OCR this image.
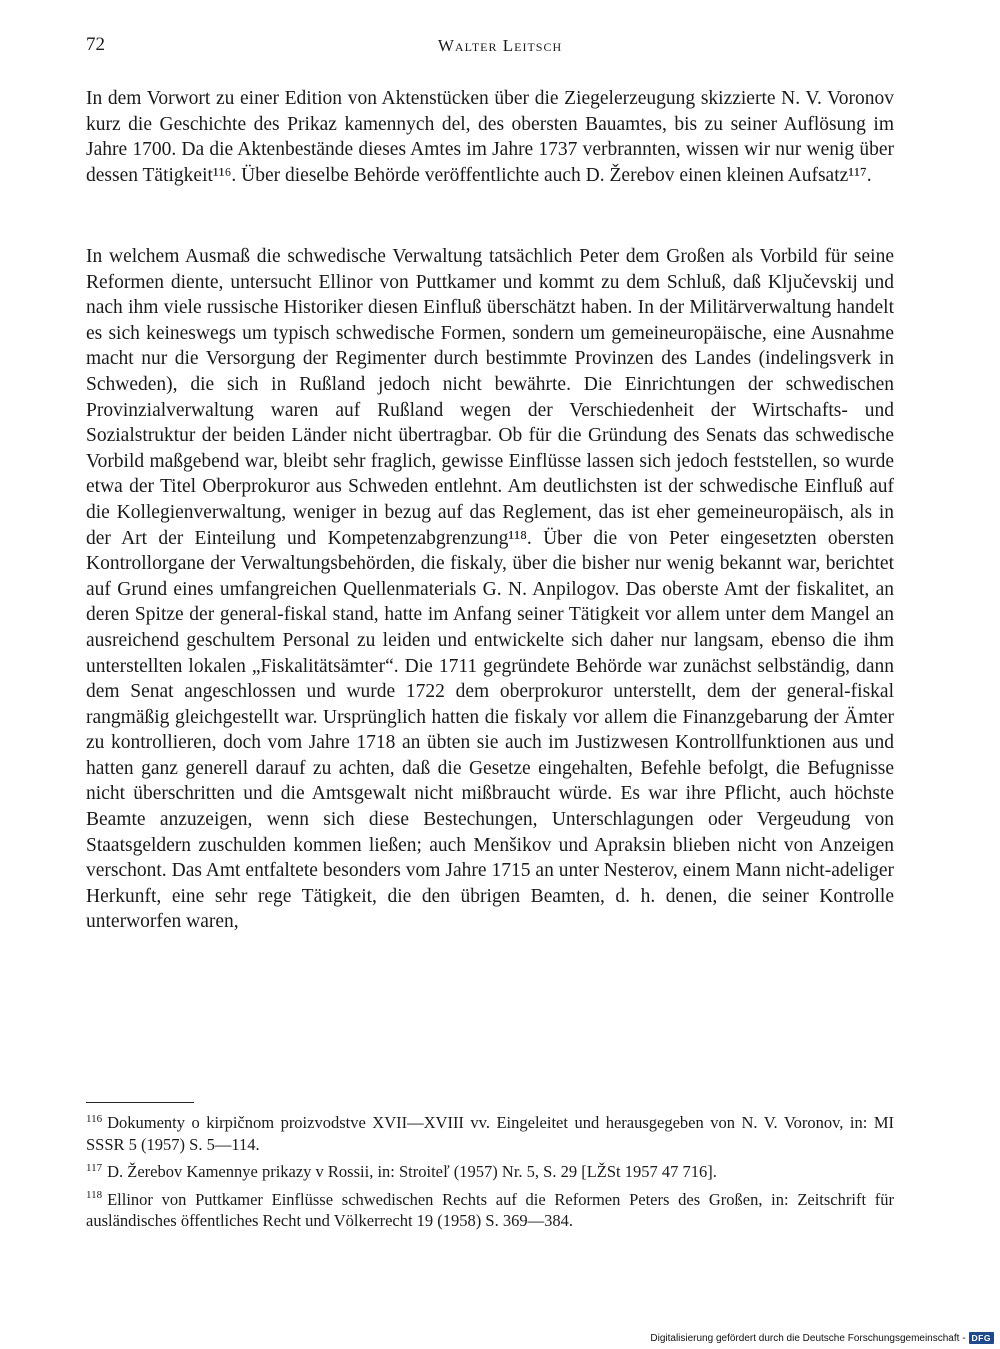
72	Walter Leitsch

In dem Vorwort zu einer Edition von Aktenstücken über die Ziegelerzeugung skizzierte N. V. Voronov kurz die Geschichte des Prikaz kamennych del, des obersten Bauamtes, bis zu seiner Auflösung im Jahre 1700. Da die Aktenbestände dieses Amtes im Jahre 1737 verbrannten, wissen wir nur wenig über dessen Tätigkeit¹¹⁶. Über dieselbe Behörde veröffentlichte auch D. Žerebov einen kleinen Aufsatz¹¹⁷.

In welchem Ausmaß die schwedische Verwaltung tatsächlich Peter dem Großen als Vorbild für seine Reformen diente, untersucht Ellinor von Puttkamer und kommt zu dem Schluß, daß Ključevskij und nach ihm viele russische Historiker diesen Einfluß überschätzt haben. In der Militärverwaltung handelt es sich keineswegs um typisch schwedische Formen, sondern um gemeineuropäische, eine Ausnahme macht nur die Versorgung der Regimenter durch bestimmte Provinzen des Landes (indelingsverk in Schweden), die sich in Rußland jedoch nicht bewährte. Die Einrichtungen der schwedischen Provinzialverwaltung waren auf Rußland wegen der Verschiedenheit der Wirtschafts- und Sozialstruktur der beiden Länder nicht übertragbar. Ob für die Gründung des Senats das schwedische Vorbild maßgebend war, bleibt sehr fraglich, gewisse Einflüsse lassen sich jedoch feststellen, so wurde etwa der Titel Oberprokuror aus Schweden entlehnt. Am deutlichsten ist der schwedische Einfluß auf die Kollegienverwaltung, weniger in bezug auf das Reglement, das ist eher gemeineuropäisch, als in der Art der Einteilung und Kompetenzabgrenzung¹¹⁸. Über die von Peter eingesetzten obersten Kontrollorgane der Verwaltungsbehörden, die fiskaly, über die bisher nur wenig bekannt war, berichtet auf Grund eines umfangreichen Quellenmaterials G. N. Anpilogov. Das oberste Amt der fiskalitet, an deren Spitze der general-fiskal stand, hatte im Anfang seiner Tätigkeit vor allem unter dem Mangel an ausreichend geschultem Personal zu leiden und entwickelte sich daher nur langsam, ebenso die ihm unterstellten lokalen „Fiskalitätsämter“. Die 1711 gegründete Behörde war zunächst selbständig, dann dem Senat angeschlossen und wurde 1722 dem oberprokuror unterstellt, dem der general-fiskal rangmäßig gleichgestellt war. Ursprünglich hatten die fiskaly vor allem die Finanzgebarung der Ämter zu kontrollieren, doch vom Jahre 1718 an übten sie auch im Justizwesen Kontrollfunktionen aus und hatten ganz generell darauf zu achten, daß die Gesetze eingehalten, Befehle befolgt, die Befugnisse nicht überschritten und die Amtsgewalt nicht mißbraucht würde. Es war ihre Pflicht, auch höchste Beamte anzuzeigen, wenn sich diese Bestechungen, Unterschlagungen oder Vergeudung von Staatsgeldern zuschulden kommen ließen; auch Menšikov und Apraksin blieben nicht von Anzeigen verschont. Das Amt entfaltete besonders vom Jahre 1715 an unter Nesterov, einem Mann nicht-adeliger Herkunft, eine sehr rege Tätigkeit, die den übrigen Beamten, d. h. denen, die seiner Kontrolle unterworfen waren,

$^{116}$ Dokumenty o kirpičnom proizvodstve XVII—XVIII vv. Eingeleitet und herausgegeben von N. V. Voronov, in: MI SSSR 5 (1957) S. 5—114.

$^{117}$ D. Žerebov Kamennye prikazy v Rossii, in: Stroiteľ (1957) Nr. 5, S. 29 [LŽSt 1957 47 716].

$^{118}$ Ellinor von Puttkamer Einflüsse schwedischen Rechts auf die Reformen Peters des Großen, in: Zeitschrift für ausländisches öffentliches Recht und Völkerrecht 19 (1958) S. 369—384.

Digitalisierung gefördert durch die Deutsche Forschungsgemeinschaft - DFG
